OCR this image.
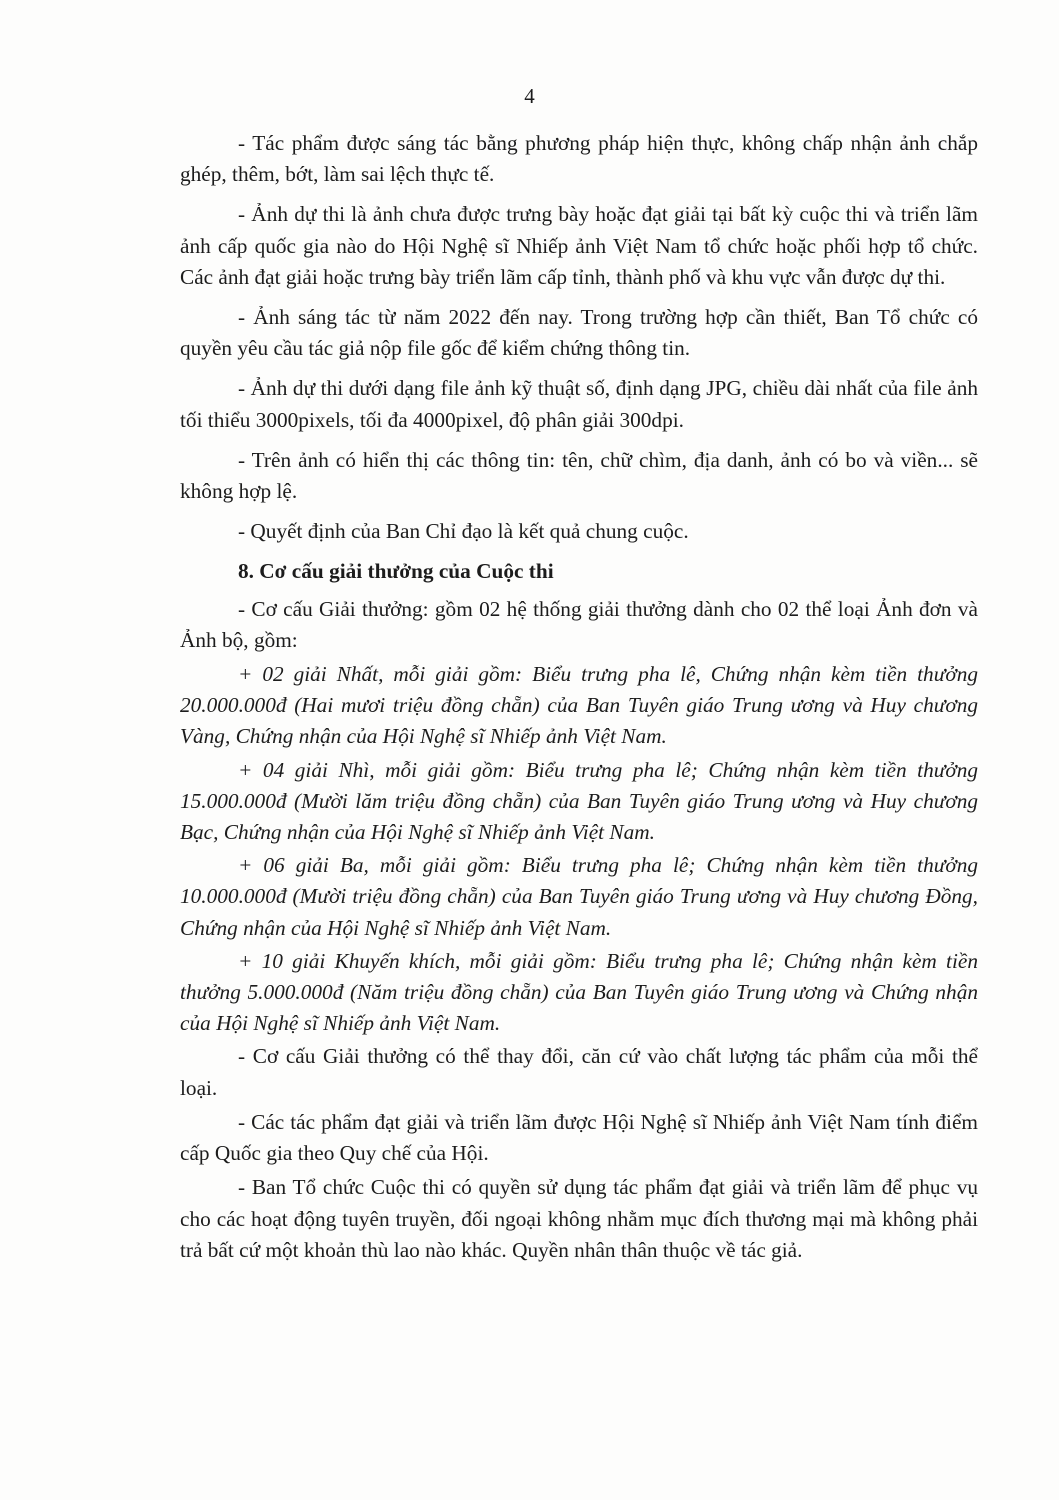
4

- Tác phẩm được sáng tác bằng phương pháp hiện thực, không chấp nhận ảnh chắp ghép, thêm, bớt, làm sai lệch thực tế.

- Ảnh dự thi là ảnh chưa được trưng bày hoặc đạt giải tại bất kỳ cuộc thi và triển lãm ảnh cấp quốc gia nào do Hội Nghệ sĩ Nhiếp ảnh Việt Nam tổ chức hoặc phối hợp tổ chức. Các ảnh đạt giải hoặc trưng bày triển lãm cấp tỉnh, thành phố và khu vực vẫn được dự thi.

- Ảnh sáng tác từ năm 2022 đến nay. Trong trường hợp cần thiết, Ban Tổ chức có quyền yêu cầu tác giả nộp file gốc để kiểm chứng thông tin.

- Ảnh dự thi dưới dạng file ảnh kỹ thuật số, định dạng JPG, chiều dài nhất của file ảnh tối thiểu 3000pixels, tối đa 4000pixel, độ phân giải 300dpi.

- Trên ảnh có hiển thị các thông tin: tên, chữ chìm, địa danh, ảnh có bo và viền... sẽ không hợp lệ.

- Quyết định của Ban Chỉ đạo là kết quả chung cuộc.

8. Cơ cấu giải thưởng của Cuộc thi

- Cơ cấu Giải thưởng: gồm 02 hệ thống giải thưởng dành cho 02 thể loại Ảnh đơn và Ảnh bộ, gồm:

+ 02 giải Nhất, mỗi giải gồm: Biểu trưng pha lê, Chứng nhận kèm tiền thưởng 20.000.000đ (Hai mươi triệu đồng chẵn) của Ban Tuyên giáo Trung ương và Huy chương Vàng, Chứng nhận của Hội Nghệ sĩ Nhiếp ảnh Việt Nam.

+ 04 giải Nhì, mỗi giải gồm: Biểu trưng pha lê; Chứng nhận kèm tiền thưởng 15.000.000đ (Mười lăm triệu đồng chẵn) của Ban Tuyên giáo Trung ương và Huy chương Bạc, Chứng nhận của Hội Nghệ sĩ Nhiếp ảnh Việt Nam.

+ 06 giải Ba, mỗi giải gồm: Biểu trưng pha lê; Chứng nhận kèm tiền thưởng 10.000.000đ (Mười triệu đồng chẵn) của Ban Tuyên giáo Trung ương và Huy chương Đồng, Chứng nhận của Hội Nghệ sĩ Nhiếp ảnh Việt Nam.

+ 10 giải Khuyến khích, mỗi giải gồm: Biểu trưng pha lê; Chứng nhận kèm tiền thưởng 5.000.000đ (Năm triệu đồng chẵn) của Ban Tuyên giáo Trung ương và Chứng nhận của Hội Nghệ sĩ Nhiếp ảnh Việt Nam.

- Cơ cấu Giải thưởng có thể thay đổi, căn cứ vào chất lượng tác phẩm của mỗi thể loại.

- Các tác phẩm đạt giải và triển lãm được Hội Nghệ sĩ Nhiếp ảnh Việt Nam tính điểm cấp Quốc gia theo Quy chế của Hội.

- Ban Tổ chức Cuộc thi có quyền sử dụng tác phẩm đạt giải và triển lãm để phục vụ cho các hoạt động tuyên truyền, đối ngoại không nhằm mục đích thương mại mà không phải trả bất cứ một khoản thù lao nào khác. Quyền nhân thân thuộc về tác giả.
